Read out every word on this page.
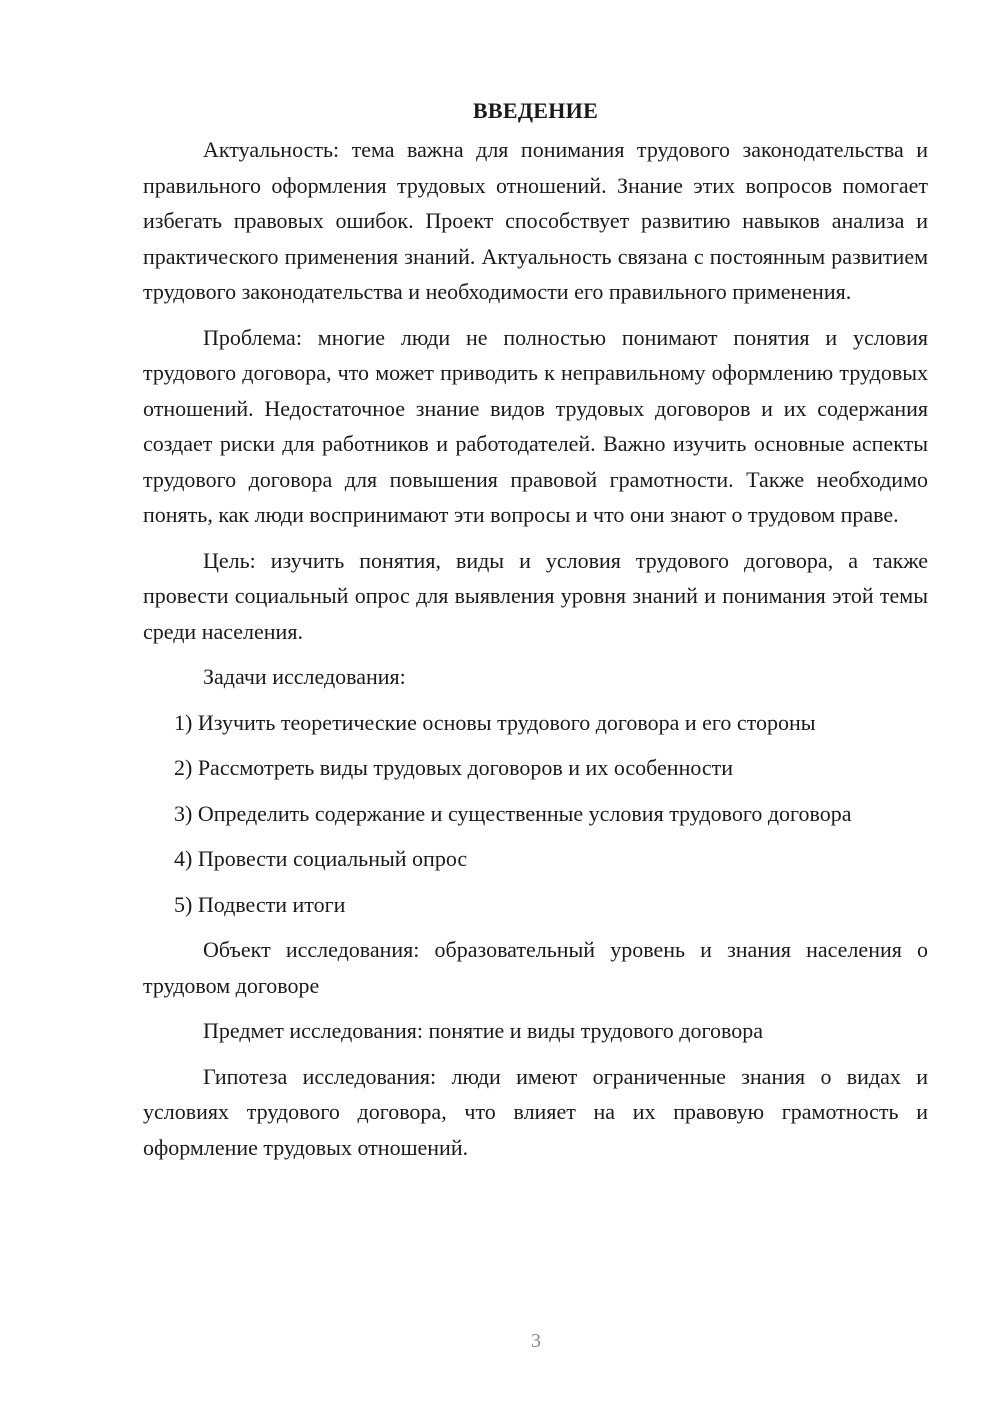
ВВЕДЕНИЕ

Актуальность: тема важна для понимания трудового законодательства и правильного оформления трудовых отношений. Знание этих вопросов помогает избегать правовых ошибок. Проект способствует развитию навыков анализа и практического применения знаний. Актуальность связана с постоянным развитием трудового законодательства и необходимости его правильного применения.

Проблема: многие люди не полностью понимают понятия и условия трудового договора, что может приводить к неправильному оформлению трудовых отношений. Недостаточное знание видов трудовых договоров и их содержания создает риски для работников и работодателей. Важно изучить основные аспекты трудового договора для повышения правовой грамотности. Также необходимо понять, как люди воспринимают эти вопросы и что они знают о трудовом праве.

Цель: изучить понятия, виды и условия трудового договора, а также провести социальный опрос для выявления уровня знаний и понимания этой темы среди населения.

Задачи исследования:

1) Изучить теоретические основы трудового договора и его стороны

2) Рассмотреть виды трудовых договоров и их особенности

3) Определить содержание и существенные условия трудового договора

4) Провести социальный опрос

5) Подвести итоги

Объект исследования: образовательный уровень и знания населения о трудовом договоре

Предмет исследования: понятие и виды трудового договора

Гипотеза исследования: люди имеют ограниченные знания о видах и условиях трудового договора, что влияет на их правовую грамотность и оформление трудовых отношений.

3
